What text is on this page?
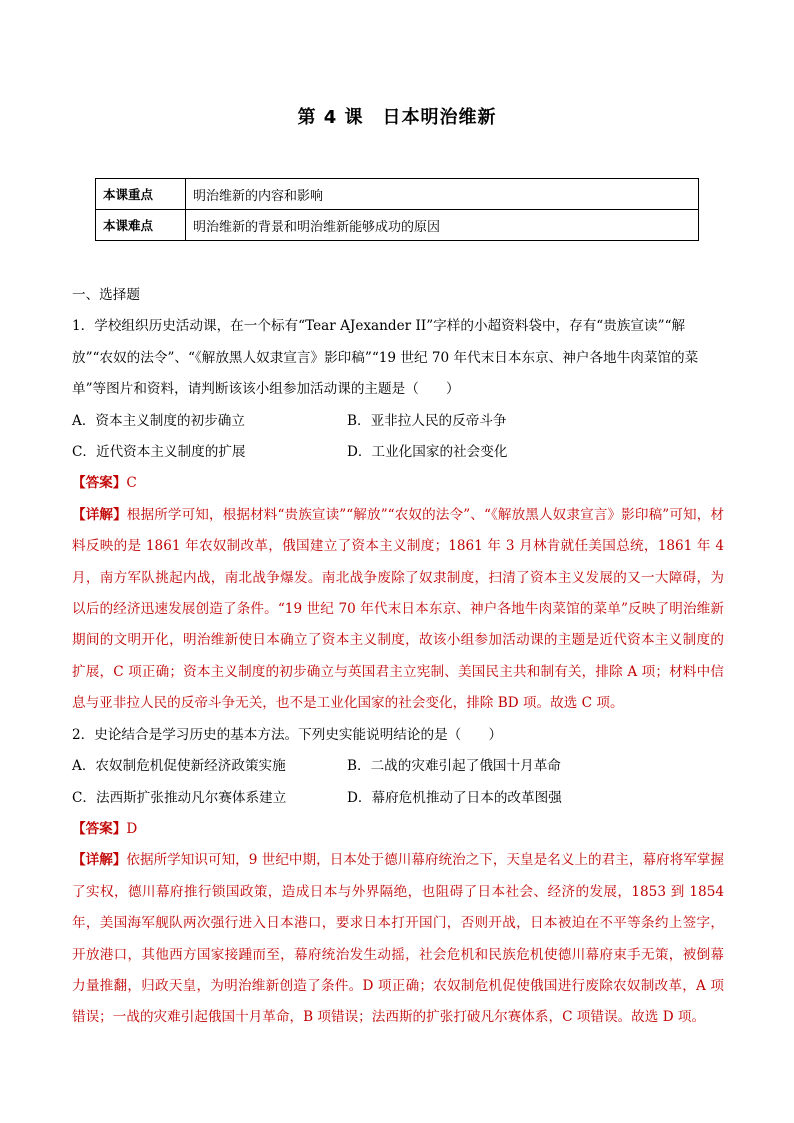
第 4 课　日本明治维新
本课重点	明治维新的内容和影响
本课难点	明治维新的背景和明治维新能够成功的原因

一、选择题

1．学校组织历史活动课，在一个标有“Tear AJexander II”字样的小超资料袋中，存有“贵族宣读”“解放”“农奴的法令”、“《解放黑人奴隶宣言》影印稿”“19 世纪 70 年代末日本东京、神户各地牛肉菜馆的菜单”等图片和资料，请判断该该小组参加活动课的主题是（　　）

A．资本主义制度的初步确立	B．亚非拉人民的反帝斗争
C．近代资本主义制度的扩展	D．工业化国家的社会变化

【答案】C

【详解】根据所学可知，根据材料“贵族宣读”“解放”“农奴的法令”、“《解放黑人奴隶宣言》影印稿”可知，材料反映的是 1861 年农奴制改革，俄国建立了资本主义制度；1861 年 3 月林肯就任美国总统，1861 年 4 月，南方军队挑起内战，南北战争爆发。南北战争废除了奴隶制度，扫清了资本主义发展的又一大障碍，为以后的经济迅速发展创造了条件。“19 世纪 70 年代末日本东京、神户各地牛肉菜馆的菜单”反映了明治维新期间的文明开化，明治维新使日本确立了资本主义制度，故该小组参加活动课的主题是近代资本主义制度的扩展，C 项正确；资本主义制度的初步确立与英国君主立宪制、美国民主共和制有关，排除 A 项；材料中信息与亚非拉人民的反帝斗争无关，也不是工业化国家的社会变化，排除 BD 项。故选 C 项。

2．史论结合是学习历史的基本方法。下列史实能说明结论的是（　　）

A．农奴制危机促使新经济政策实施	B．二战的灾难引起了俄国十月革命
C．法西斯扩张推动凡尔赛体系建立	D．幕府危机推动了日本的改革图强

【答案】D

【详解】依据所学知识可知，9 世纪中期，日本处于德川幕府统治之下，天皇是名义上的君主，幕府将军掌握了实权，德川幕府推行锁国政策，造成日本与外界隔绝，也阻碍了日本社会、经济的发展，1853 到 1854 年，美国海军舰队两次强行进入日本港口，要求日本打开国门，否则开战，日本被迫在不平等条约上签字，开放港口，其他西方国家接踵而至，幕府统治发生动摇，社会危机和民族危机使德川幕府束手无策，被倒幕力量推翻，归政天皇，为明治维新创造了条件。D 项正确；农奴制危机促使俄国进行废除农奴制改革，A 项错误；一战的灾难引起俄国十月革命，B 项错误；法西斯的扩张打破凡尔赛体系，C 项错误。故选 D 项。
